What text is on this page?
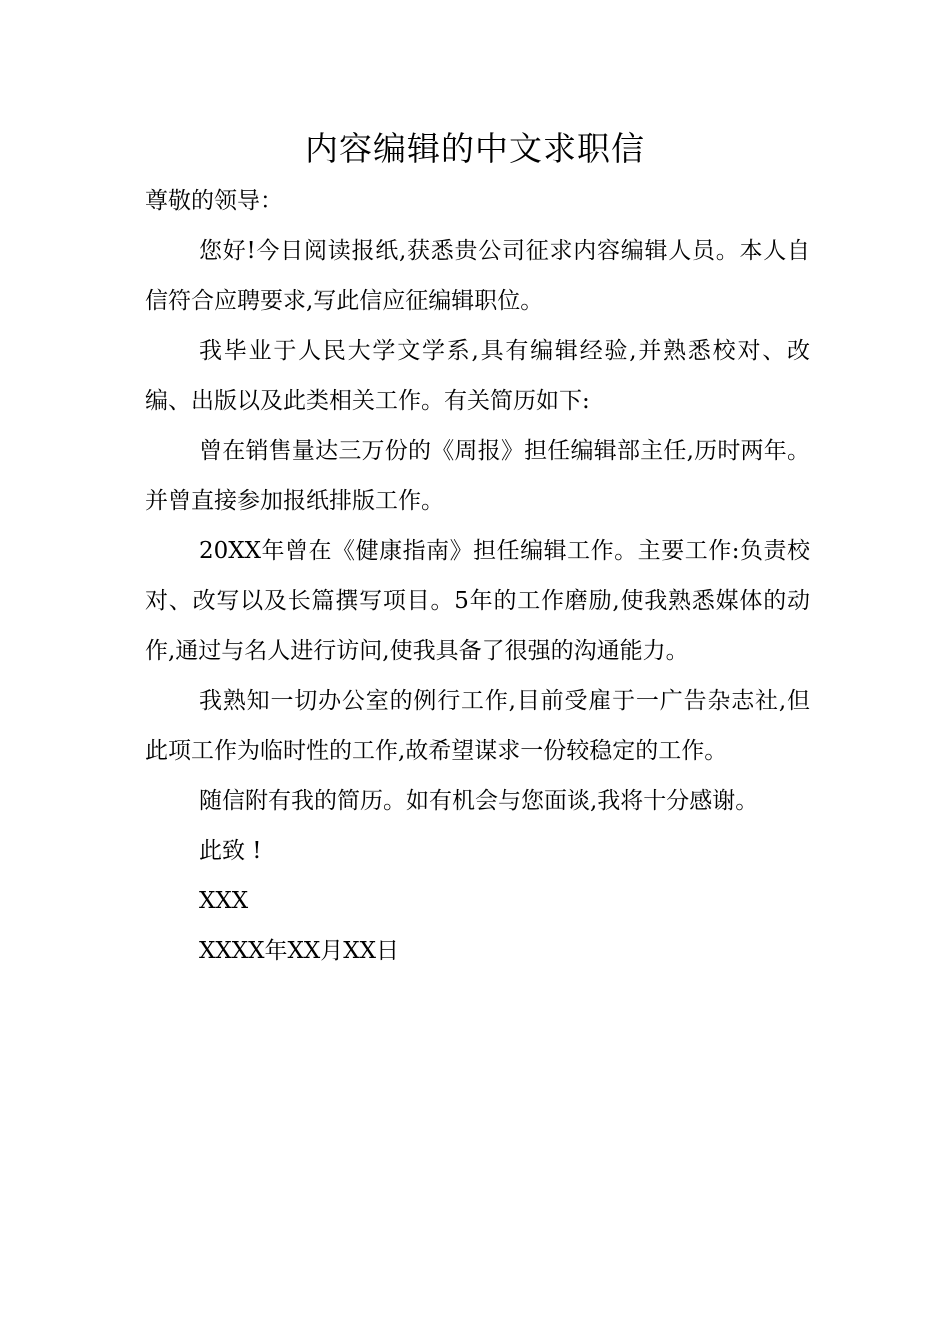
内容编辑的中文求职信

尊敬的领导：

您好!今日阅读报纸,获悉贵公司征求内容编辑人员。本人自信符合应聘要求,写此信应征编辑职位。

我毕业于人民大学文学系,具有编辑经验,并熟悉校对、改编、出版以及此类相关工作。有关简历如下:

曾在销售量达三万份的《周报》担任编辑部主任,历时两年。并曾直接参加报纸排版工作。

20XX年曾在《健康指南》担任编辑工作。主要工作:负责校对、改写以及长篇撰写项目。5年的工作磨励,使我熟悉媒体的动作,通过与名人进行访问,使我具备了很强的沟通能力。

我熟知一切办公室的例行工作,目前受雇于一广告杂志社,但此项工作为临时性的工作,故希望谋求一份较稳定的工作。

随信附有我的简历。如有机会与您面谈,我将十分感谢。

此致 !

XXX

XXXX年XX月XX日
